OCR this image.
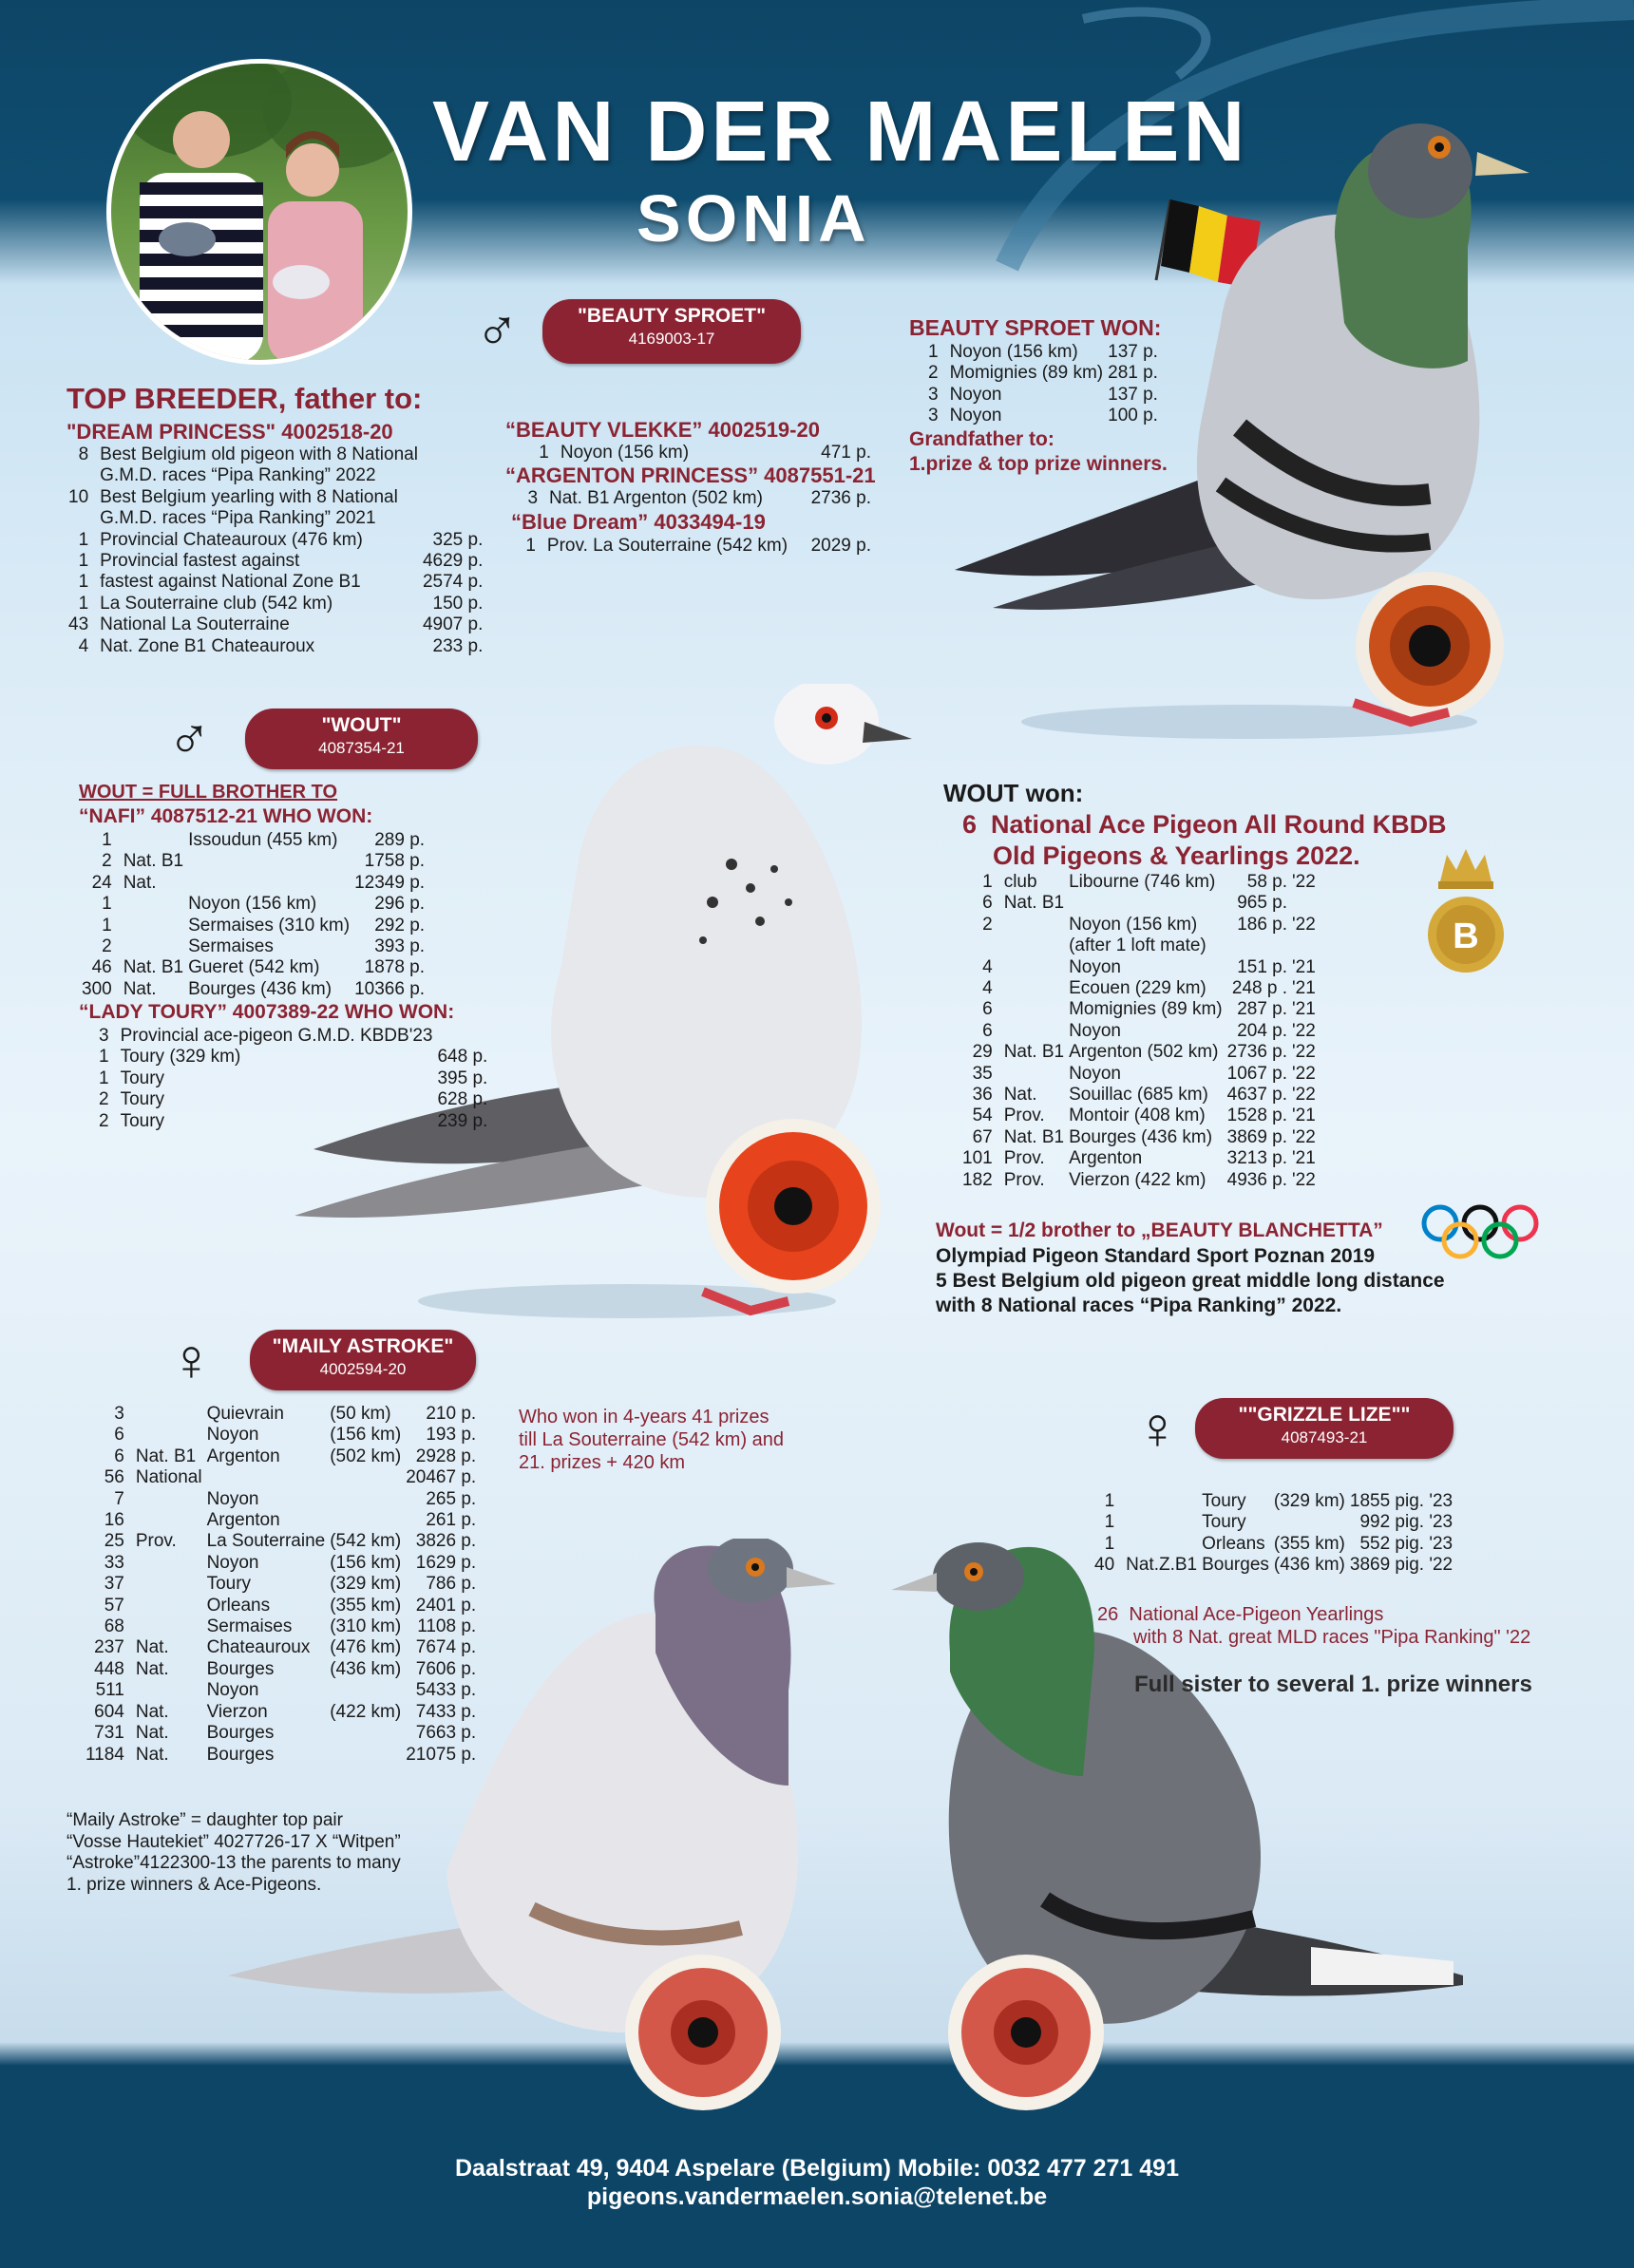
VAN DER MAELEN
SONIA
♂	"BEAUTY SPROET"
4169003-17	BEAUTY SPROET WON:
1	Noyon (156 km)	137 p.
2	Momignies (89 km)	281 p.
3	Noyon	137 p.
3	Noyon	100 p.
Grandfather to:
1.prize & top prize winners.
TOP BREEDER, father to:
"DREAM PRINCESS" 4002518-20
8	Best Belgium old pigeon with 8 National	
	G.M.D. races “Pipa Ranking” 2022	
10	Best Belgium yearling with 8 National	
	G.M.D. races “Pipa Ranking” 2021	
1	Provincial Chateauroux (476 km)	325 p.
1	Provincial fastest against	4629 p.
1	fastest against National Zone B1	2574 p.
1	La Souterraine club (542 km)	150 p.
43	National La Souterraine	4907 p.
4	Nat. Zone B1 Chateauroux	233 p.
“BEAUTY VLEKKE” 4002519-20
1	Noyon (156 km)	471 p.
“ARGENTON PRINCESS” 4087551-21
3	Nat. B1 Argenton (502 km)	2736 p.
“Blue Dream” 4033494-19
1	Prov. La Souterraine (542 km)	2029 p.
♂	"WOUT"
4087354-21
WOUT = FULL BROTHER TO
“NAFI” 4087512-21 WHO WON:
1		Issoudun (455 km)	289 p.
2	Nat. B1		1758 p.
24	Nat.		12349 p.
1		Noyon (156 km)	296 p.
1		Sermaises (310 km)	292 p.
2		Sermaises	393 p.
46	Nat. B1	Gueret (542 km)	1878 p.
300	Nat.	Bourges (436 km)	10366 p.
“LADY TOURY” 4007389-22 WHO WON:
3	Provincial ace-pigeon G.M.D. KBDB'23	
1	Toury (329 km)	648 p.
1	Toury	395 p.
2	Toury	628 p.
2	Toury	239 p.
WOUT won:
6 National Ace Pigeon All Round KBDB
Old Pigeons & Yearlings 2022.
1	club	Libourne (746 km)	58 p.	'22
6	Nat. B1		965 p.	
2		Noyon (156 km)	186 p.	'22
		(after 1 loft mate)		
4		Noyon	151 p.	'21
4		Ecouen (229 km)	248 p .	'21
6		Momignies (89 km)	287 p.	'21
6		Noyon	204 p.	'22
29	Nat. B1	Argenton (502 km)	2736 p.	'22
35		Noyon	1067 p.	'22
36	Nat.	Souillac (685 km)	4637 p.	'22
54	Prov.	Montoir (408 km)	1528 p.	'21
67	Nat. B1	Bourges (436 km)	3869 p.	'22
101	Prov.	Argenton	3213 p.	'21
182	Prov.	Vierzon (422 km)	4936 p.	'22
B
Wout = 1/2 brother to „BEAUTY BLANCHETTA”
Olympiad Pigeon Standard Sport Poznan 2019
5 Best Belgium old pigeon great middle long distance
with 8 National races “Pipa Ranking” 2022.
♀	"MAILY ASTROKE"
4002594-20
3		Quievrain	(50 km)	210 p.
6		Noyon	(156 km)	193 p.
6	Nat. B1	Argenton	(502 km)	2928 p.
56	National			20467 p.
7		Noyon		265 p.
16		Argenton		261 p.
25	Prov.	La Souterraine	(542 km)	3826 p.
33		Noyon	(156 km)	1629 p.
37		Toury	(329 km)	786 p.
57		Orleans	(355 km)	2401 p.
68		Sermaises	(310 km)	1108 p.
237	Nat.	Chateauroux	(476 km)	7674 p.
448	Nat.	Bourges	(436 km)	7606 p.
511		Noyon		5433 p.
604	Nat.	Vierzon	(422 km)	7433 p.
731	Nat.	Bourges		7663 p.
1184	Nat.	Bourges		21075 p.
Who won in 4-years 41 prizes
till La Souterraine (542 km) and
21. prizes + 420 km
“Maily Astroke” = daughter top pair
“Vosse Hautekiet” 4027726-17 X “Witpen”
“Astroke”4122300-13 the parents to many
1. prize winners & Ace-Pigeons.
♀	""GRIZZLE LIZE""
4087493-21
1		Toury	(329 km)	1855 pig. '23
1		Toury		992 pig. '23
1		Orleans	(355 km)	552 pig. '23
40	Nat.Z.B1	Bourges	(436 km)	3869 pig. '22
26 National Ace-Pigeon Yearlings
with 8 Nat. great MLD races "Pipa Ranking" '22
Full sister to several 1. prize winners
Daalstraat 49, 9404 Aspelare (Belgium) Mobile: 0032 477 271 491
pigeons.vandermaelen.sonia@telenet.be
